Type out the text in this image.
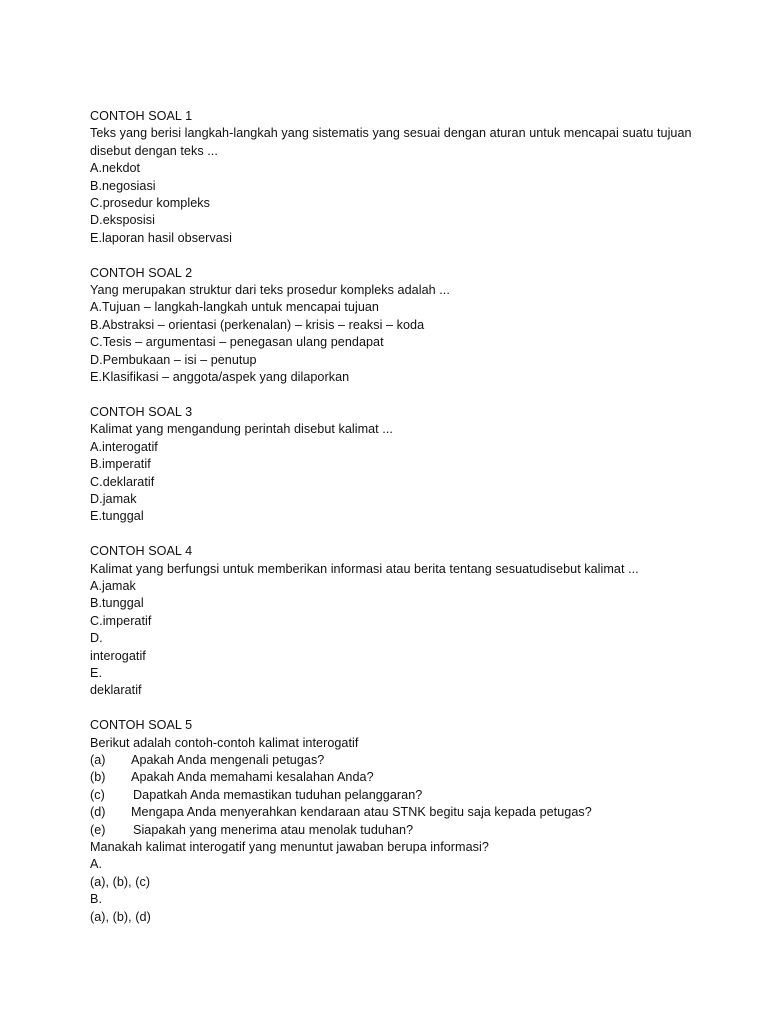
CONTOH SOAL 1
Teks yang berisi langkah-langkah yang sistematis yang sesuai dengan aturan untuk mencapai suatu tujuan disebut dengan teks ...
A.nekdot
B.negosiasi
C.prosedur kompleks
D.eksposisi
E.laporan hasil observasi
CONTOH SOAL 2
Yang merupakan struktur dari teks prosedur kompleks adalah ...
A.Tujuan – langkah-langkah untuk mencapai tujuan
B.Abstraksi – orientasi (perkenalan) – krisis – reaksi – koda
C.Tesis – argumentasi – penegasan ulang pendapat
D.Pembukaan – isi – penutup
E.Klasifikasi – anggota/aspek yang dilaporkan
CONTOH SOAL 3
Kalimat yang mengandung perintah disebut kalimat ...
A.interogatif
B.imperatif
C.deklaratif
D.jamak
E.tunggal
CONTOH SOAL 4
Kalimat yang berfungsi untuk memberikan informasi atau berita tentang sesuatudisebut kalimat ...
A.jamak
B.tunggal
C.imperatif
D.
interogatif
E.
deklaratif
CONTOH SOAL 5
Berikut adalah contoh-contoh kalimat interogatif
(a)	Apakah Anda mengenali petugas?
(b)	Apakah Anda memahami kesalahan Anda?
(c)	Dapatkah Anda memastikan tuduhan pelanggaran?
(d)	Mengapa Anda menyerahkan kendaraan atau STNK begitu saja kepada petugas?
(e)	Siapakah yang menerima atau menolak tuduhan?
Manakah kalimat interogatif yang menuntut jawaban berupa informasi?
A.
(a), (b), (c)
B.
(a), (b), (d)
